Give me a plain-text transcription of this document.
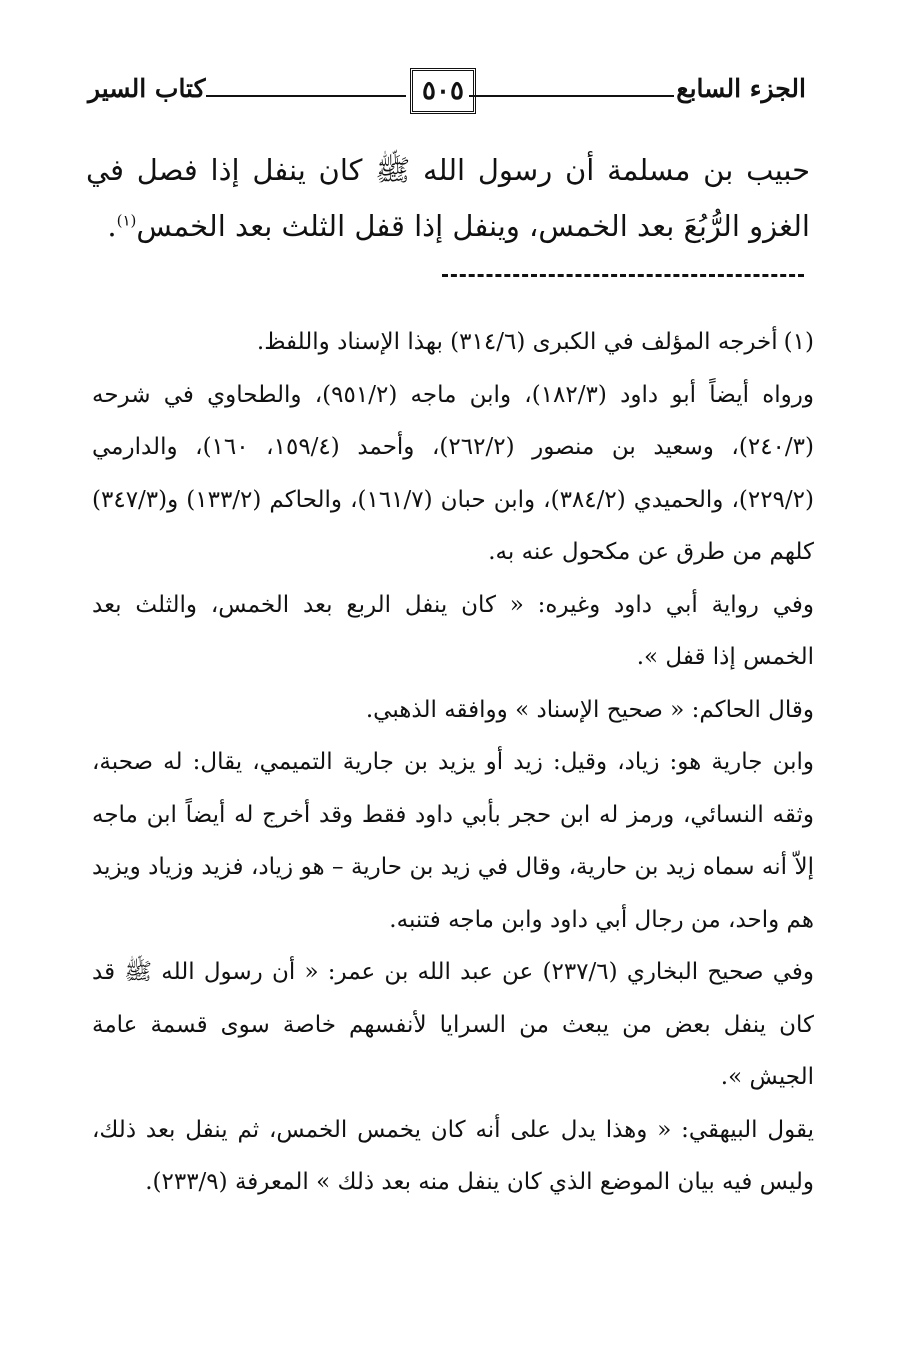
الجزء السابع
٥٠٥
كتاب السير
حبيب بن مسلمة أن رسول الله ﷺ كان ينفل إذا فصل في الغزو الرُّبُعَ بعد الخمس، وينفل إذا قفل الثلث بعد الخمس$^{(١)}$.

(١)أخرجه المؤلف في الكبرى (٣١٤/٦) بهذا الإسناد واللفظ.

ورواه أيضاً أبو داود (١٨٢/٣)، وابن ماجه (٩٥١/٢)، والطحاوي في شرحه (٢٤٠/٣)، وسعيد بن منصور (٢٦٢/٢)، وأحمد (١٥٩/٤، ١٦٠)، والدارمي (٢٢٩/٢)، والحميدي (٣٨٤/٢)، وابن حبان (١٦١/٧)، والحاكم (١٣٣/٢) و(٣٤٧/٣) كلهم من طرق عن مكحول عنه به.

وفي رواية أبي داود وغيره: « كان ينفل الربع بعد الخمس، والثلث بعد الخمس إذا قفل ».

وقال الحاكم: « صحيح الإسناد » ووافقه الذهبي.

وابن جارية هو: زياد، وقيل: زيد أو يزيد بن جارية التميمي، يقال: له صحبة، وثقه النسائي، ورمز له ابن حجر بأبي داود فقط وقد أخرج له أيضاً ابن ماجه إلاّ أنه سماه زيد بن حارية، وقال في زيد بن حارية – هو زياد، فزيد وزياد ويزيد هم واحد، من رجال أبي داود وابن ماجه فتنبه.

وفي صحيح البخاري (٢٣٧/٦) عن عبد الله بن عمر: « أن رسول الله ﷺ قد كان ينفل بعض من يبعث من السرايا لأنفسهم خاصة سوى قسمة عامة الجيش ».

يقول البيهقي: « وهذا يدل على أنه كان يخمس الخمس، ثم ينفل بعد ذلك، وليس فيه بيان الموضع الذي كان ينفل منه بعد ذلك » المعرفة (٢٣٣/٩).
